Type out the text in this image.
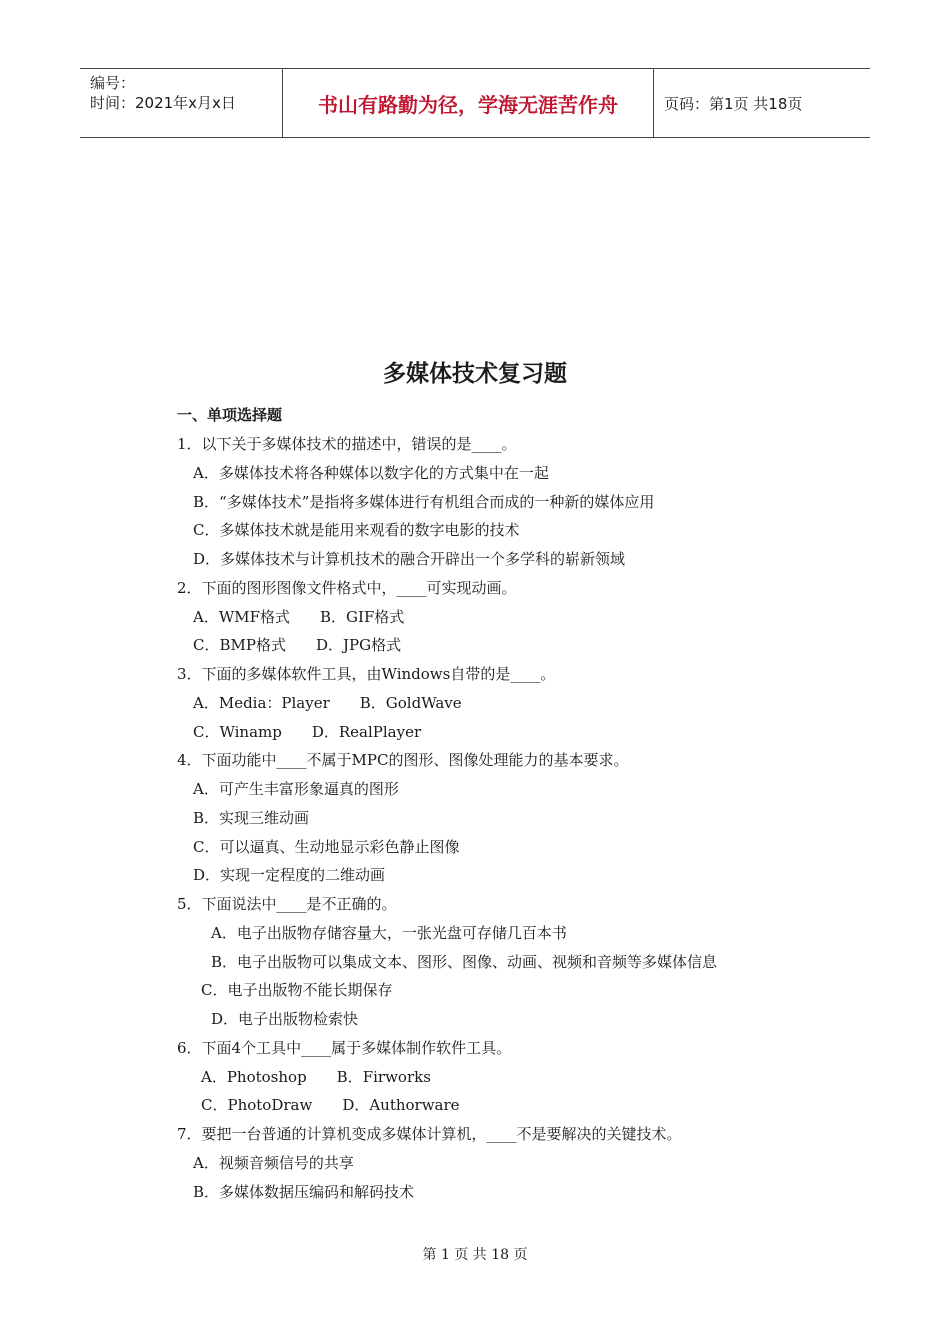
编号：
时间：2021年x月x日	书山有路勤为径，学海无涯苦作舟	页码：第1页 共18页
多媒体技术复习题
一、单项选择题
1．以下关于多媒体技术的描述中，错误的是____。
A．多媒体技术将各种媒体以数字化的方式集中在一起
B．“多媒体技术”是指将多媒体进行有机组合而成的一种新的媒体应用
C．多媒体技术就是能用来观看的数字电影的技术
D．多媒体技术与计算机技术的融合开辟出一个多学科的崭新领域
2．下面的图形图像文件格式中，____可实现动画。
A．WMF格式 B．GIF格式
C．BMP格式 D．JPG格式
3．下面的多媒体软件工具，由Windows自带的是____。
A．Media：Player B．GoldWave
C．Winamp D．RealPlayer
4．下面功能中____不属于MPC的图形、图像处理能力的基本要求。
A．可产生丰富形象逼真的图形
B．实现三维动画
C．可以逼真、生动地显示彩色静止图像
D．实现一定程度的二维动画
5．下面说法中____是不正确的。
A．电子出版物存储容量大，一张光盘可存储几百本书
B．电子出版物可以集成文本、图形、图像、动画、视频和音频等多媒体信息
C．电子出版物不能长期保存
D．电子出版物检索快
6．下面4个工具中____属于多媒体制作软件工具。
A．Photoshop B．Firworks
C．PhotoDraw D．Authorware
7．要把一台普通的计算机变成多媒体计算机，____不是要解决的关键技术。
A．视频音频信号的共享
B．多媒体数据压编码和解码技术
第 1 页 共 18 页
